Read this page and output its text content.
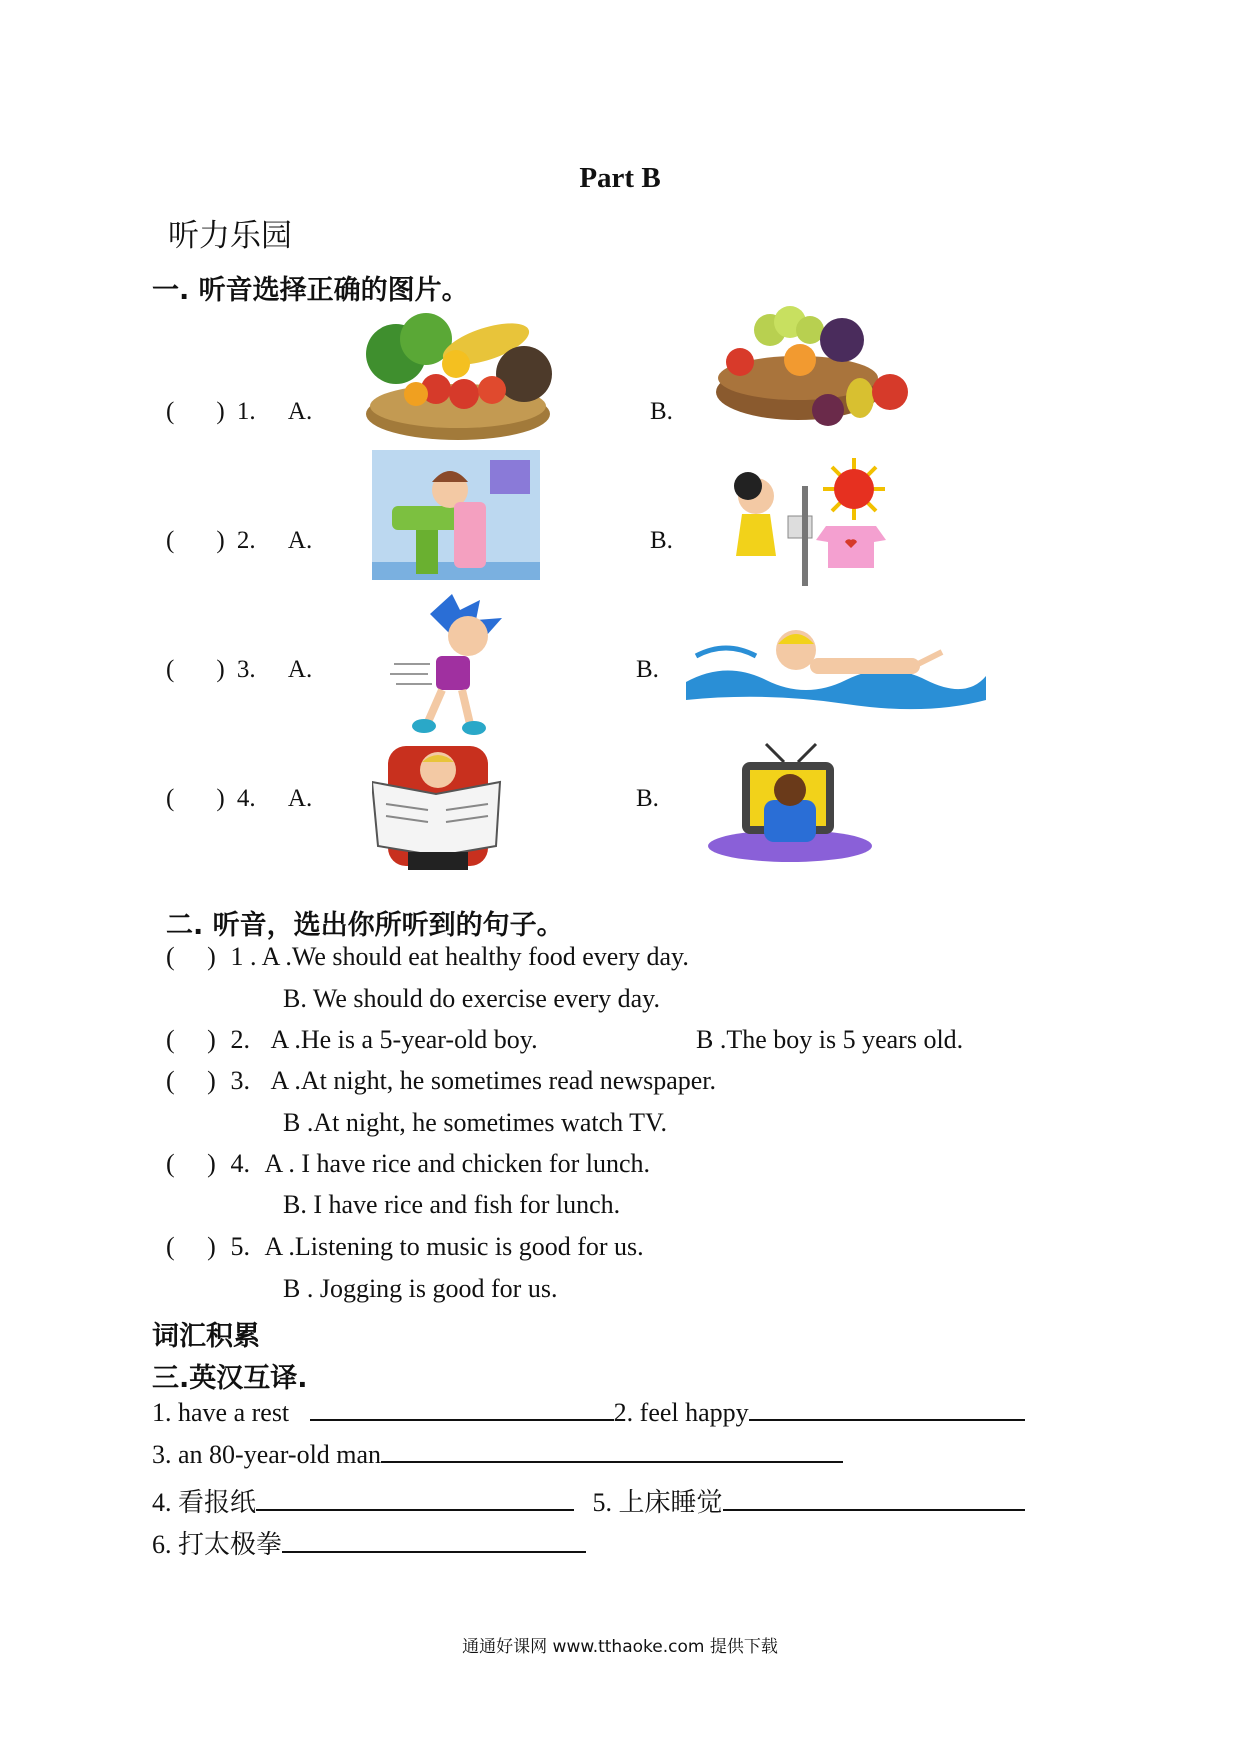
Part B
听力乐园
一. 听音选择正确的图片。
( ) 1. A.	B.
( ) 2. A.	B.
( ) 3. A.	B.
( ) 4. A.	B.
二. 听音，选出你所听到的句子。
(     ) 1 . A .We should eat healthy food every day.
B. We should do exercise every day.
(     ) 2. A .He is a 5-year-old boy.	B .The boy is 5 years old.
(     ) 3. A .At night, he sometimes read newspaper.
B .At night, he sometimes watch TV.
(     ) 4. A . I have rice and chicken for lunch.
B. I have rice and fish for lunch.
(     ) 5. A .Listening to music is good for us.
B . Jogging is good for us.
词汇积累
三.英汉互译.
1. have a rest	2. feel happy
3. an 80-year-old man
4. 看报纸	5. 上床睡觉
6. 打太极拳
通通好课网 www.tthaoke.com 提供下载
